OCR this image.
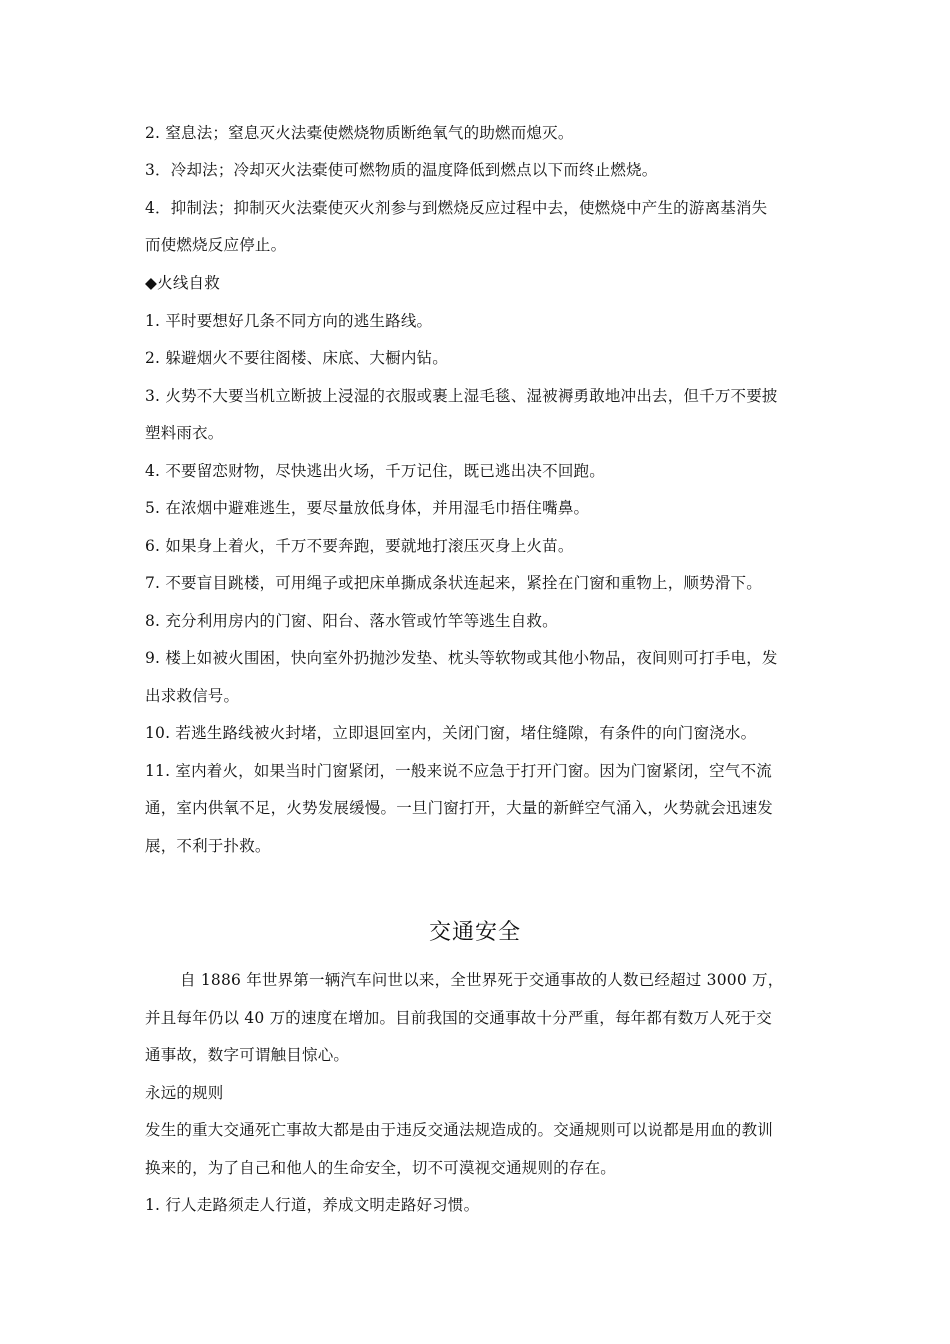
2. 窒息法；窒息灭火法橐使燃烧物质断绝氧气的助燃而熄灭。
3．冷却法；冷却灭火法橐使可燃物质的温度降低到燃点以下而终止燃烧。
4．抑制法；抑制灭火法橐使灭火剂参与到燃烧反应过程中去，使燃烧中产生的游离基消失
而使燃烧反应停止。
◆火线自救
1. 平时要想好几条不同方向的逃生路线。
2. 躲避烟火不要往阁楼、床底、大橱内钻。
3. 火势不大要当机立断披上浸湿的衣服或裹上湿毛毯、湿被褥勇敢地冲出去，但千万不要披
塑料雨衣。
4. 不要留恋财物，尽快逃出火场，千万记住，既已逃出决不回跑。
5. 在浓烟中避难逃生，要尽量放低身体，并用湿毛巾捂住嘴鼻。
6. 如果身上着火，千万不要奔跑，要就地打滚压灭身上火苗。
7. 不要盲目跳楼，可用绳子或把床单撕成条状连起来，紧拴在门窗和重物上，顺势滑下。
8. 充分利用房内的门窗、阳台、落水管或竹竿等逃生自救。
9. 楼上如被火围困，快向室外扔抛沙发垫、枕头等软物或其他小物品，夜间则可打手电，发
出求救信号。
10. 若逃生路线被火封堵，立即退回室内，关闭门窗，堵住缝隙，有条件的向门窗浇水。
11. 室内着火，如果当时门窗紧闭，一般来说不应急于打开门窗。因为门窗紧闭，空气不流
通，室内供氧不足，火势发展缓慢。一旦门窗打开，大量的新鲜空气涌入，火势就会迅速发
展，不利于扑救。
交通安全
自 1886 年世界第一辆汽车问世以来，全世界死于交通事故的人数已经超过 3000 万，
并且每年仍以 40 万的速度在增加。目前我国的交通事故十分严重，每年都有数万人死于交
通事故，数字可谓触目惊心。
永远的规则
发生的重大交通死亡事故大都是由于违反交通法规造成的。交通规则可以说都是用血的教训
换来的，为了自己和他人的生命安全，切不可漠视交通规则的存在。
1. 行人走路须走人行道，养成文明走路好习惯。
